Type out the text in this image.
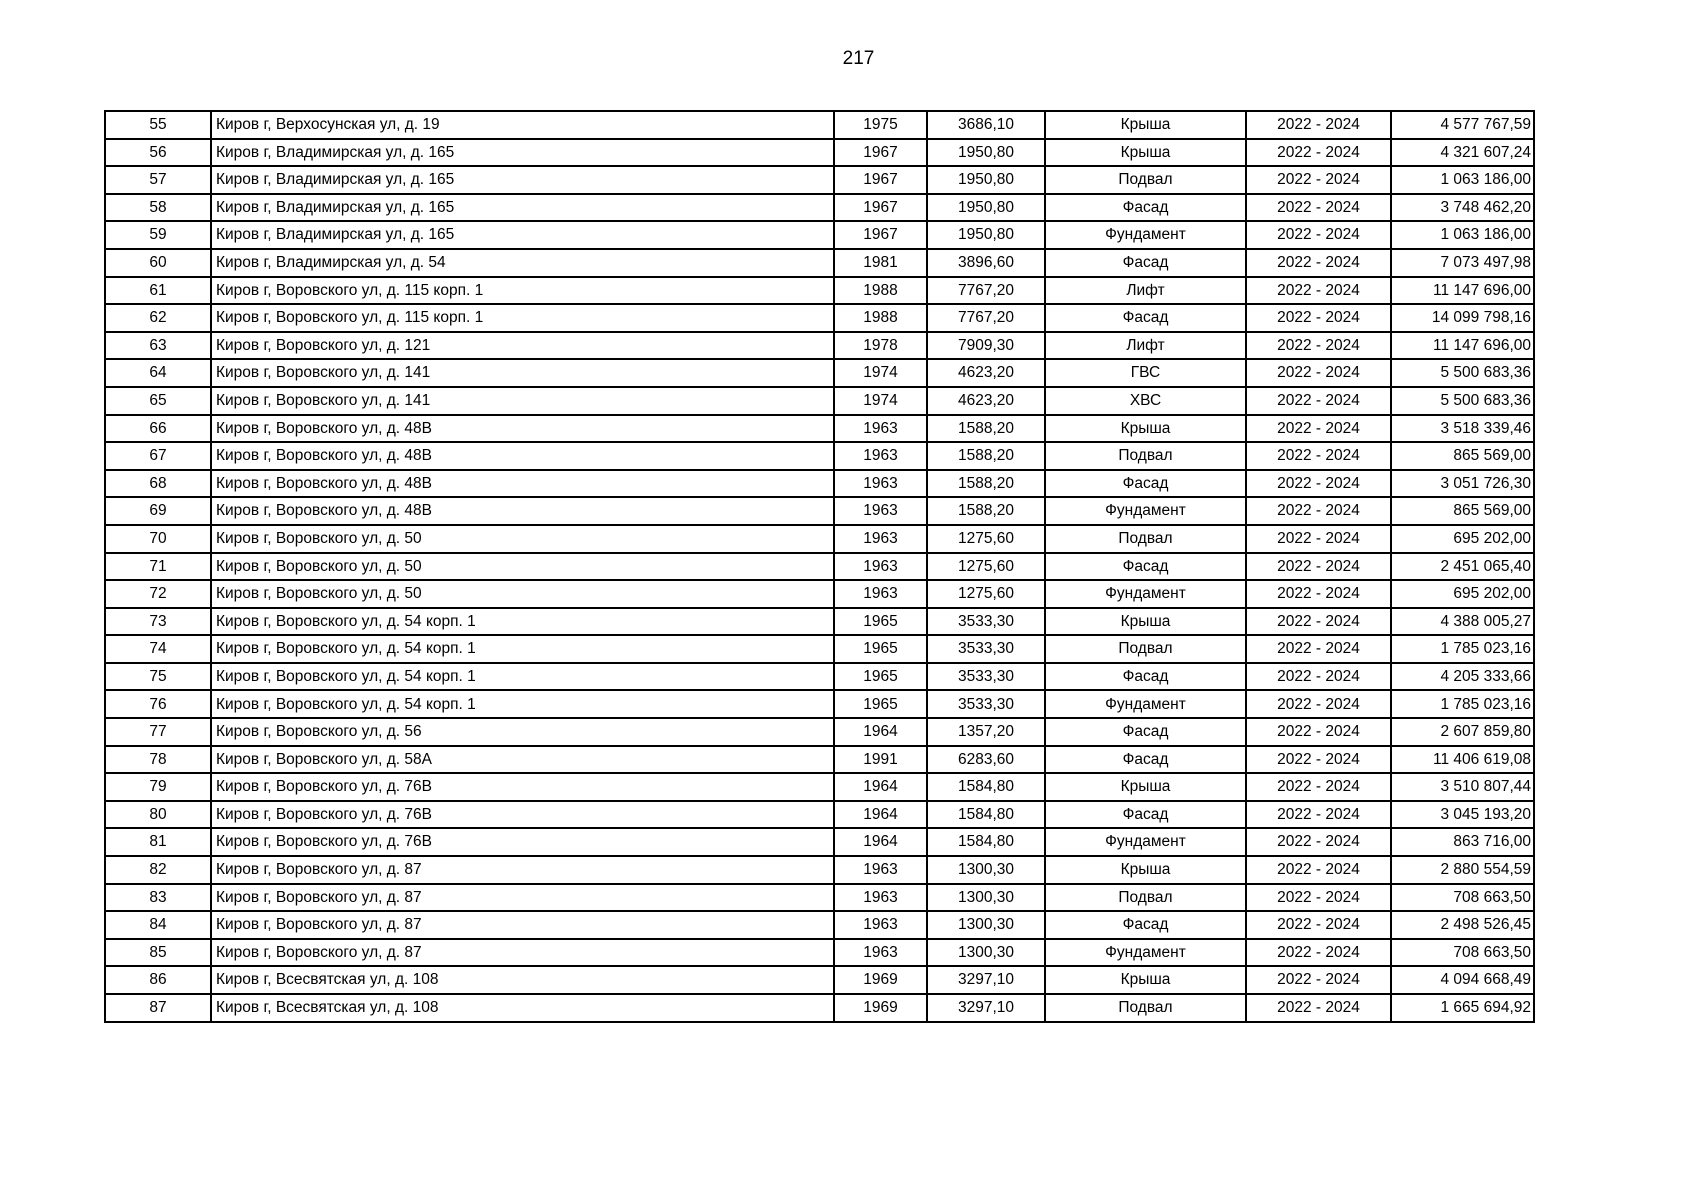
217
55	Киров г, Верхосунская ул, д. 19	1975	3686,10	Крыша	2022 - 2024	4 577 767,59
56	Киров г, Владимирская ул, д. 165	1967	1950,80	Крыша	2022 - 2024	4 321 607,24
57	Киров г, Владимирская ул, д. 165	1967	1950,80	Подвал	2022 - 2024	1 063 186,00
58	Киров г, Владимирская ул, д. 165	1967	1950,80	Фасад	2022 - 2024	3 748 462,20
59	Киров г, Владимирская ул, д. 165	1967	1950,80	Фундамент	2022 - 2024	1 063 186,00
60	Киров г, Владимирская ул, д. 54	1981	3896,60	Фасад	2022 - 2024	7 073 497,98
61	Киров г, Воровского ул, д. 115 корп. 1	1988	7767,20	Лифт	2022 - 2024	11 147 696,00
62	Киров г, Воровского ул, д. 115 корп. 1	1988	7767,20	Фасад	2022 - 2024	14 099 798,16
63	Киров г, Воровского ул, д. 121	1978	7909,30	Лифт	2022 - 2024	11 147 696,00
64	Киров г, Воровского ул, д. 141	1974	4623,20	ГВС	2022 - 2024	5 500 683,36
65	Киров г, Воровского ул, д. 141	1974	4623,20	ХВС	2022 - 2024	5 500 683,36
66	Киров г, Воровского ул, д. 48В	1963	1588,20	Крыша	2022 - 2024	3 518 339,46
67	Киров г, Воровского ул, д. 48В	1963	1588,20	Подвал	2022 - 2024	865 569,00
68	Киров г, Воровского ул, д. 48В	1963	1588,20	Фасад	2022 - 2024	3 051 726,30
69	Киров г, Воровского ул, д. 48В	1963	1588,20	Фундамент	2022 - 2024	865 569,00
70	Киров г, Воровского ул, д. 50	1963	1275,60	Подвал	2022 - 2024	695 202,00
71	Киров г, Воровского ул, д. 50	1963	1275,60	Фасад	2022 - 2024	2 451 065,40
72	Киров г, Воровского ул, д. 50	1963	1275,60	Фундамент	2022 - 2024	695 202,00
73	Киров г, Воровского ул, д. 54 корп. 1	1965	3533,30	Крыша	2022 - 2024	4 388 005,27
74	Киров г, Воровского ул, д. 54 корп. 1	1965	3533,30	Подвал	2022 - 2024	1 785 023,16
75	Киров г, Воровского ул, д. 54 корп. 1	1965	3533,30	Фасад	2022 - 2024	4 205 333,66
76	Киров г, Воровского ул, д. 54 корп. 1	1965	3533,30	Фундамент	2022 - 2024	1 785 023,16
77	Киров г, Воровского ул, д. 56	1964	1357,20	Фасад	2022 - 2024	2 607 859,80
78	Киров г, Воровского ул, д. 58А	1991	6283,60	Фасад	2022 - 2024	11 406 619,08
79	Киров г, Воровского ул, д. 76В	1964	1584,80	Крыша	2022 - 2024	3 510 807,44
80	Киров г, Воровского ул, д. 76В	1964	1584,80	Фасад	2022 - 2024	3 045 193,20
81	Киров г, Воровского ул, д. 76В	1964	1584,80	Фундамент	2022 - 2024	863 716,00
82	Киров г, Воровского ул, д. 87	1963	1300,30	Крыша	2022 - 2024	2 880 554,59
83	Киров г, Воровского ул, д. 87	1963	1300,30	Подвал	2022 - 2024	708 663,50
84	Киров г, Воровского ул, д. 87	1963	1300,30	Фасад	2022 - 2024	2 498 526,45
85	Киров г, Воровского ул, д. 87	1963	1300,30	Фундамент	2022 - 2024	708 663,50
86	Киров г, Всесвятская ул, д. 108	1969	3297,10	Крыша	2022 - 2024	4 094 668,49
87	Киров г, Всесвятская ул, д. 108	1969	3297,10	Подвал	2022 - 2024	1 665 694,92
